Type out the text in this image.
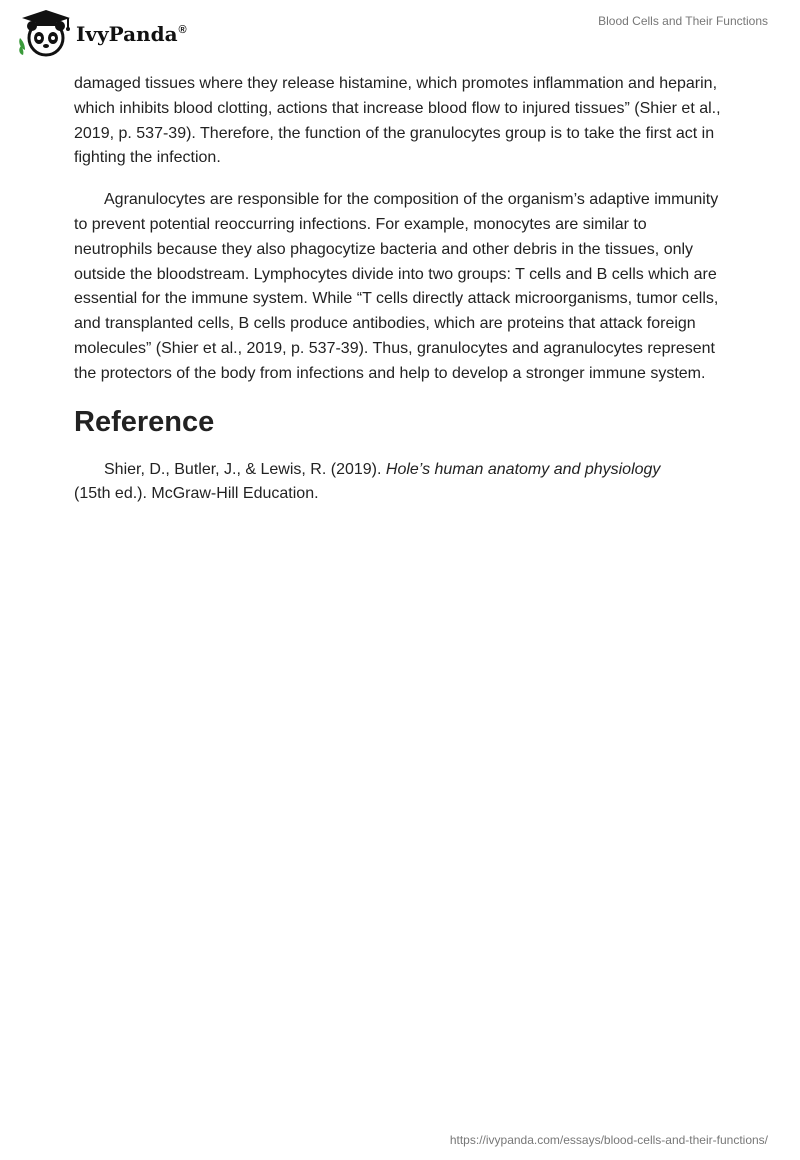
IvyPanda®
Blood Cells and Their Functions

damaged tissues where they release histamine, which promotes inflammation and heparin, which inhibits blood clotting, actions that increase blood flow to injured tissues” (Shier et al., 2019, p. 537-39). Therefore, the function of the granulocytes group is to take the first act in fighting the infection.

Agranulocytes are responsible for the composition of the organism’s adaptive immunity to prevent potential reoccurring infections. For example, monocytes are similar to neutrophils because they also phagocytize bacteria and other debris in the tissues, only outside the bloodstream. Lymphocytes divide into two groups: T cells and B cells which are essential for the immune system. While “T cells directly attack microorganisms, tumor cells, and transplanted cells, B cells produce antibodies, which are proteins that attack foreign molecules” (Shier et al., 2019, p. 537-39). Thus, granulocytes and agranulocytes represent the protectors of the body from infections and help to develop a stronger immune system.

Reference

Shier, D., Butler, J., & Lewis, R. (2019). Hole’s human anatomy and physiology
(15th ed.). McGraw-Hill Education.

https://ivypanda.com/essays/blood-cells-and-their-functions/
